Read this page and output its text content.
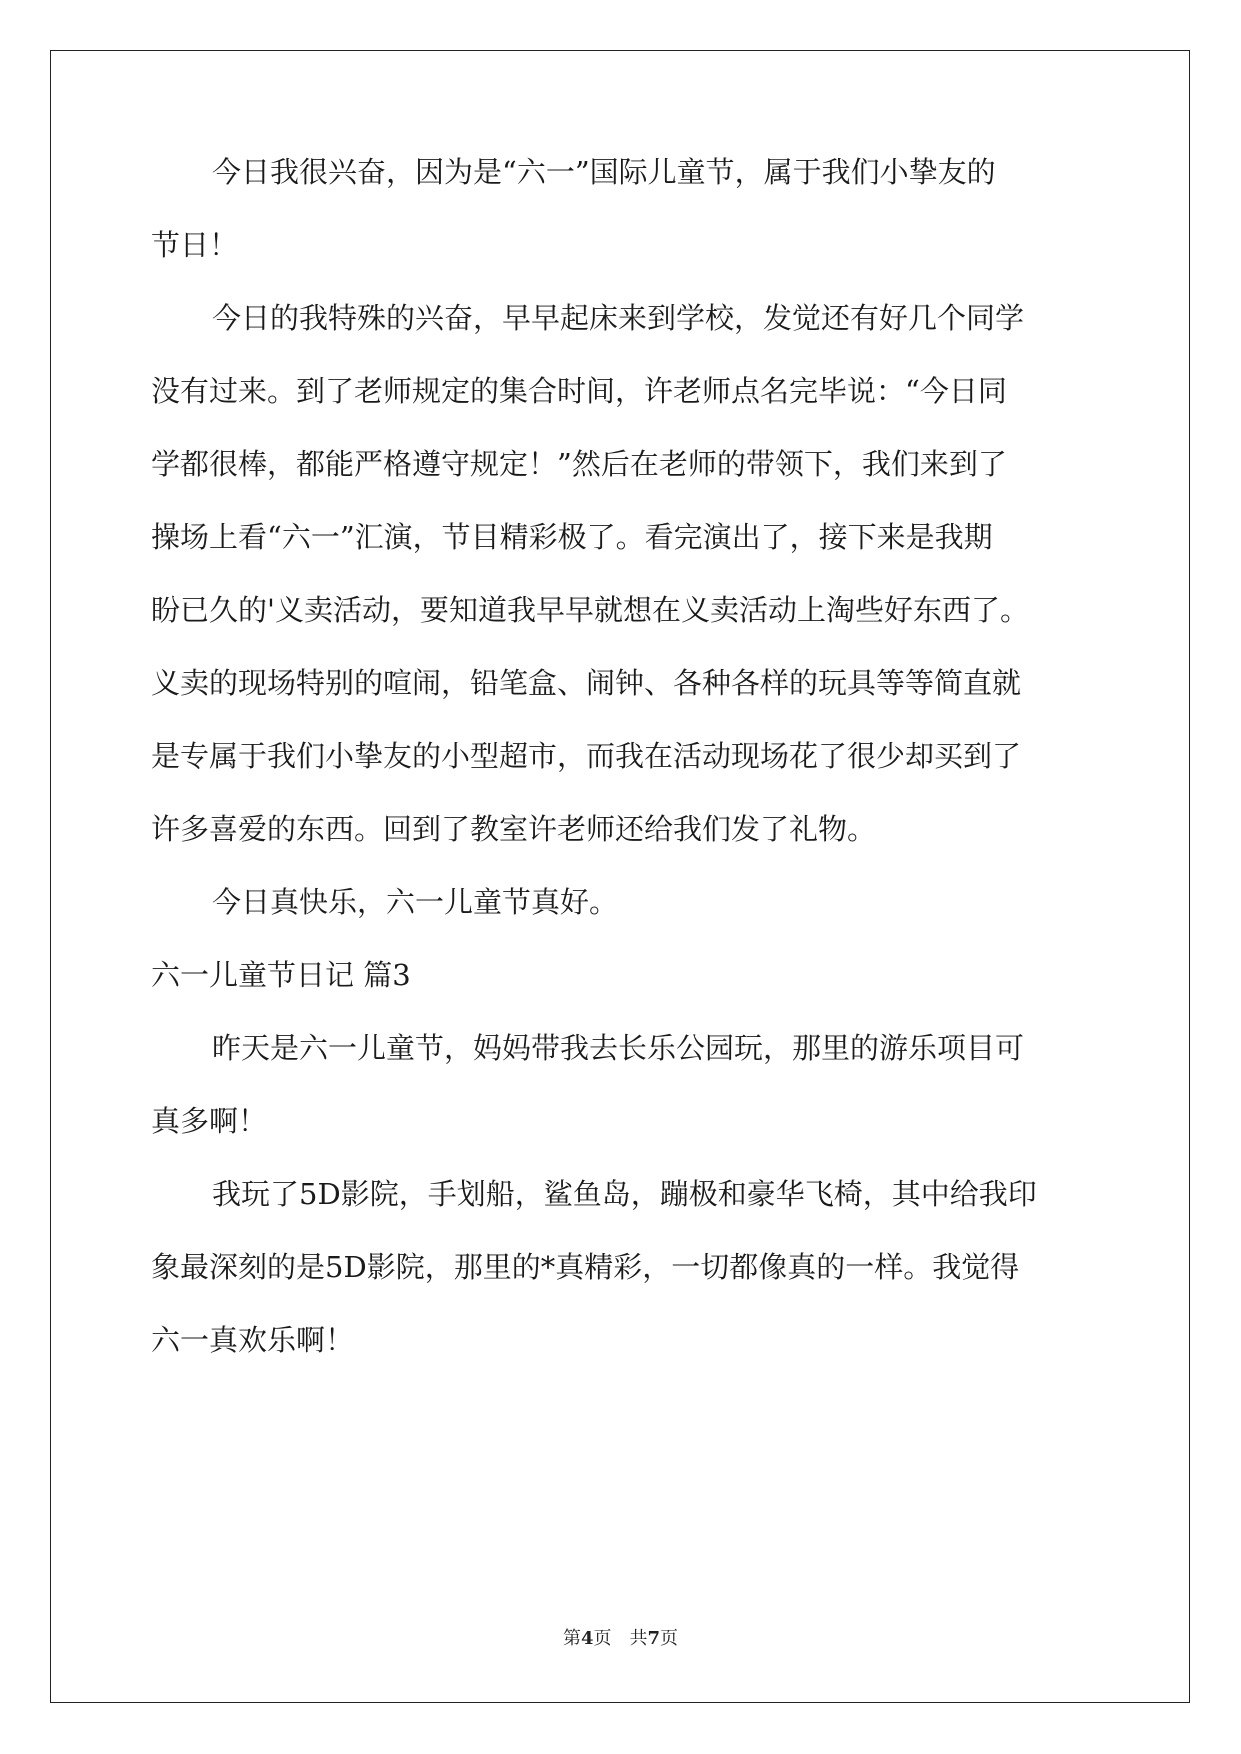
今日我很兴奋，因为是“六一”国际儿童节，属于我们小挚友的

节日！

今日的我特殊的兴奋，早早起床来到学校，发觉还有好几个同学

没有过来。到了老师规定的集合时间，许老师点名完毕说：“今日同

学都很棒，都能严格遵守规定！”然后在老师的带领下，我们来到了

操场上看“六一”汇演，节目精彩极了。看完演出了，接下来是我期

盼已久的'义卖活动，要知道我早早就想在义卖活动上淘些好东西了。

义卖的现场特别的喧闹，铅笔盒、闹钟、各种各样的玩具等等简直就

是专属于我们小挚友的小型超市，而我在活动现场花了很少却买到了

许多喜爱的东西。回到了教室许老师还给我们发了礼物。

今日真快乐，六一儿童节真好。

六一儿童节日记 篇3

昨天是六一儿童节，妈妈带我去长乐公园玩，那里的游乐项目可

真多啊！

我玩了5D影院，手划船，鲨鱼岛，蹦极和豪华飞椅，其中给我印

象最深刻的是5D影院，那里的*真精彩，一切都像真的一样。我觉得

六一真欢乐啊！

第4页　共7页
